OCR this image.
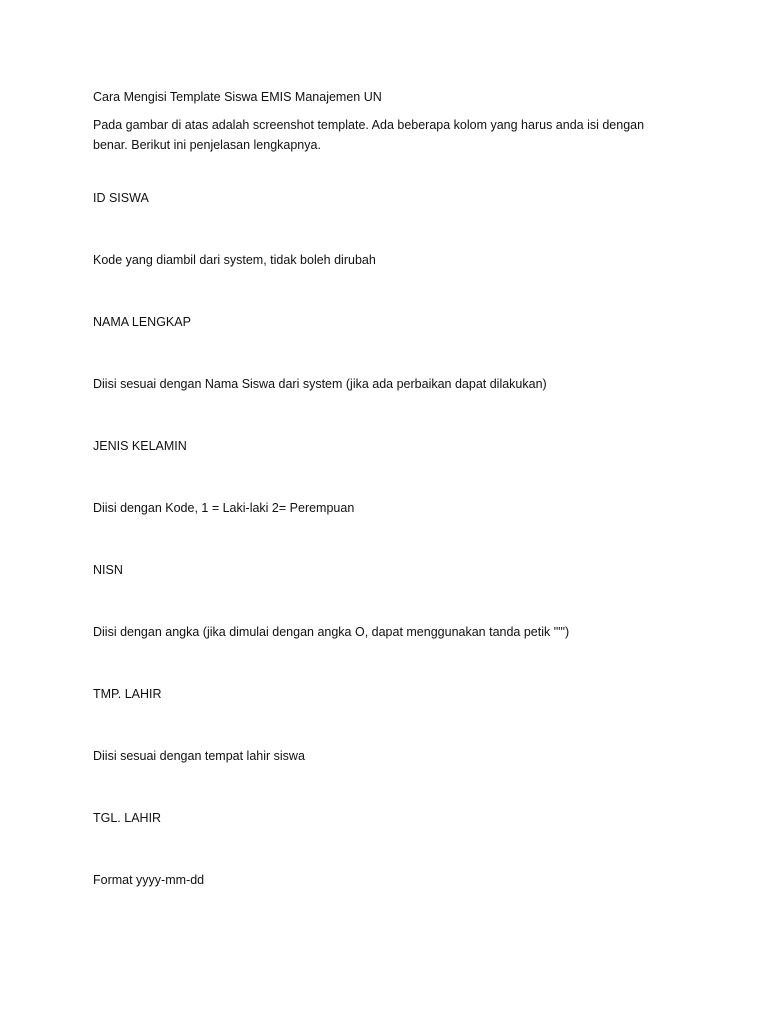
Cara Mengisi Template Siswa EMIS Manajemen UN

Pada gambar di atas adalah screenshot template. Ada beberapa kolom yang harus anda isi dengan benar. Berikut ini penjelasan lengkapnya.

ID SISWA

Kode yang diambil dari system, tidak boleh dirubah

NAMA LENGKAP

Diisi sesuai dengan Nama Siswa dari system (jika ada perbaikan dapat dilakukan)

JENIS KELAMIN

Diisi dengan Kode, 1 = Laki-laki 2= Perempuan

NISN

Diisi dengan angka (jika dimulai dengan angka O, dapat menggunakan tanda petik "'")

TMP. LAHIR

Diisi sesuai dengan tempat lahir siswa

TGL. LAHIR

Format yyyy-mm-dd
